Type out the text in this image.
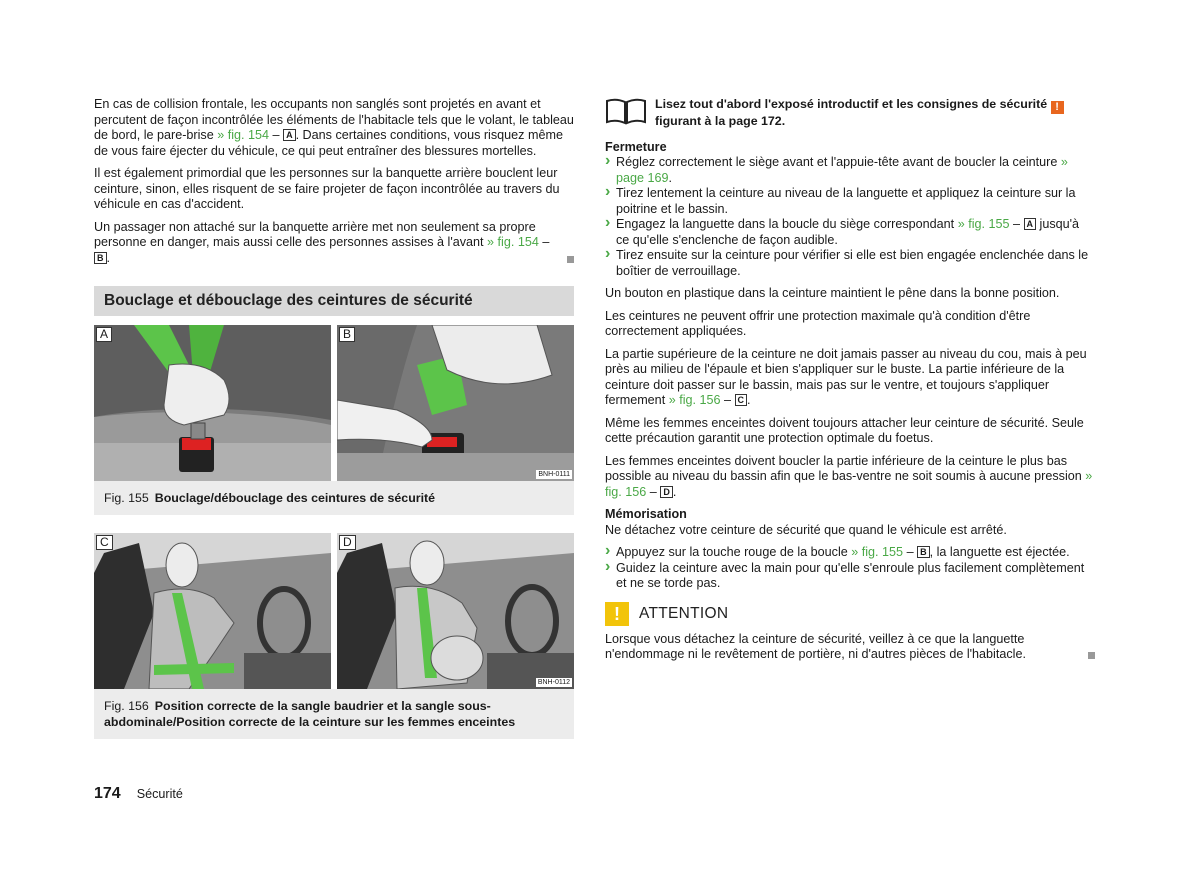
En cas de collision frontale, les occupants non sanglés sont projetés en avant et percutent de façon incontrôlée les éléments de l'habitacle tels que le volant, le tableau de bord, le pare-brise » fig. 154 – A . Dans certaines conditions, vous risquez même de vous faire éjecter du véhicule, ce qui peut entraîner des blessures mortelles.

Il est également primordial que les personnes sur la banquette arrière bouclent leur ceinture, sinon, elles risquent de se faire projeter de façon incontrôlée au travers du véhicule en cas d'accident.

Un passager non attaché sur la banquette arrière met non seulement sa propre personne en danger, mais aussi celle des personnes assises à l'avant » fig. 154 –
B .

Bouclage et débouclage des ceintures de sécurité
A	B
BNH-0111
Fig. 155 Bouclage/débouclage des ceintures de sécurité
C	D
BNH-0112
Fig. 156 Position correcte de la sangle baudrier et la sangle sous-abdominale/Position correcte de la ceinture sur les femmes enceintes
Lisez tout d'abord l'exposé introductif et les consignes de sécurité !
figurant à la page 172.
Fermeture
› Réglez correctement le siège avant et l'appuie-tête avant de boucler la ceinture » page 169.
› Tirez lentement la ceinture au niveau de la languette et appliquez la ceinture sur la poitrine et le bassin.
› Engagez la languette dans la boucle du siège correspondant » fig. 155 – A jusqu'à ce qu'elle s'enclenche de façon audible.
› Tirez ensuite sur la ceinture pour vérifier si elle est bien engagée enclenchée dans le boîtier de verrouillage.

Un bouton en plastique dans la ceinture maintient le pêne dans la bonne position.

Les ceintures ne peuvent offrir une protection maximale qu'à condition d'être correctement appliquées.

La partie supérieure de la ceinture ne doit jamais passer au niveau du cou, mais à peu près au milieu de l'épaule et bien s'appliquer sur le buste. La partie inférieure de la ceinture doit passer sur le bassin, mais pas sur le ventre, et toujours s'appliquer fermement » fig. 156 – C .

Même les femmes enceintes doivent toujours attacher leur ceinture de sécurité. Seule cette précaution garantit une protection optimale du foetus.

Les femmes enceintes doivent boucler la partie inférieure de la ceinture le plus bas possible au niveau du bassin afin que le bas-ventre ne soit soumis à aucune pression » fig. 156 – D .

Mémorisation

Ne détachez votre ceinture de sécurité que quand le véhicule est arrêté.

› Appuyez sur la touche rouge de la boucle » fig. 155 – B , la languette est éjectée.
› Guidez la ceinture avec la main pour qu'elle s'enroule plus facilement complètement et ne se torde pas.
!	ATTENTION

Lorsque vous détachez la ceinture de sécurité, veillez à ce que la languette n'endommage ni le revêtement de portière, ni d'autres pièces de l'habitacle.

174 Sécurité
